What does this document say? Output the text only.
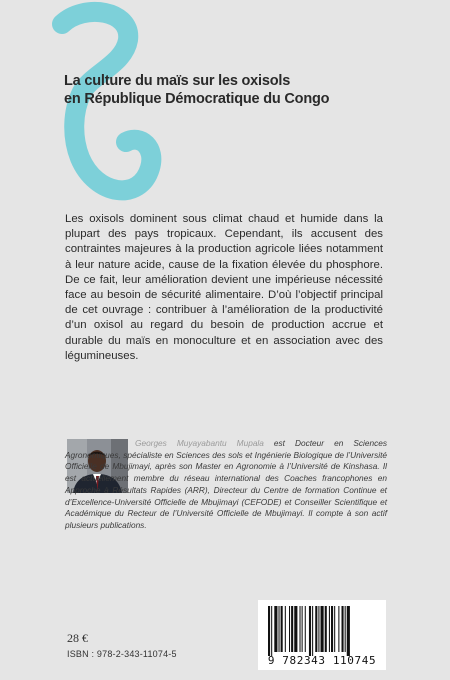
La culture du maïs sur les oxisols
en République Démocratique du Congo

Les oxisols dominent sous climat chaud et humide dans la plupart des pays tropicaux. Cependant, ils accusent des contraintes majeures à la production agricole liées notamment à leur nature acide, cause de la fixation élevée du phosphore. De ce fait, leur amélioration devient une impérieuse nécessité face au besoin de sécurité alimentaire. D’où l’objectif principal de cet ouvrage : contribuer à l’amélioration de la productivité d’un oxisol au regard du besoin de production accrue et durable du maïs en monoculture et en association avec des légumineuses.

Georges Muyayabantu Mupala est Docteur en Sciences Agronomiques, spécialiste en Sciences des sols et Ingénierie Biologique de l’Université Officielle de Mbujimayi, après son Master en Agronomie à l’Université de Kinshasa. Il est actuellement membre du réseau international des Coaches francophones en Approche à Résultats Rapides (ARR), Directeur du Centre de formation Continue et d’Excellence-Université Officielle de Mbujimayi (CEFODE) et Conseiller Scientifique et Académique du Recteur de l’Université Officielle de Mbujimayi. Il compte à son actif plusieurs publications.

28 €
ISBN : 978-2-343-11074-5	9 782343 110745
